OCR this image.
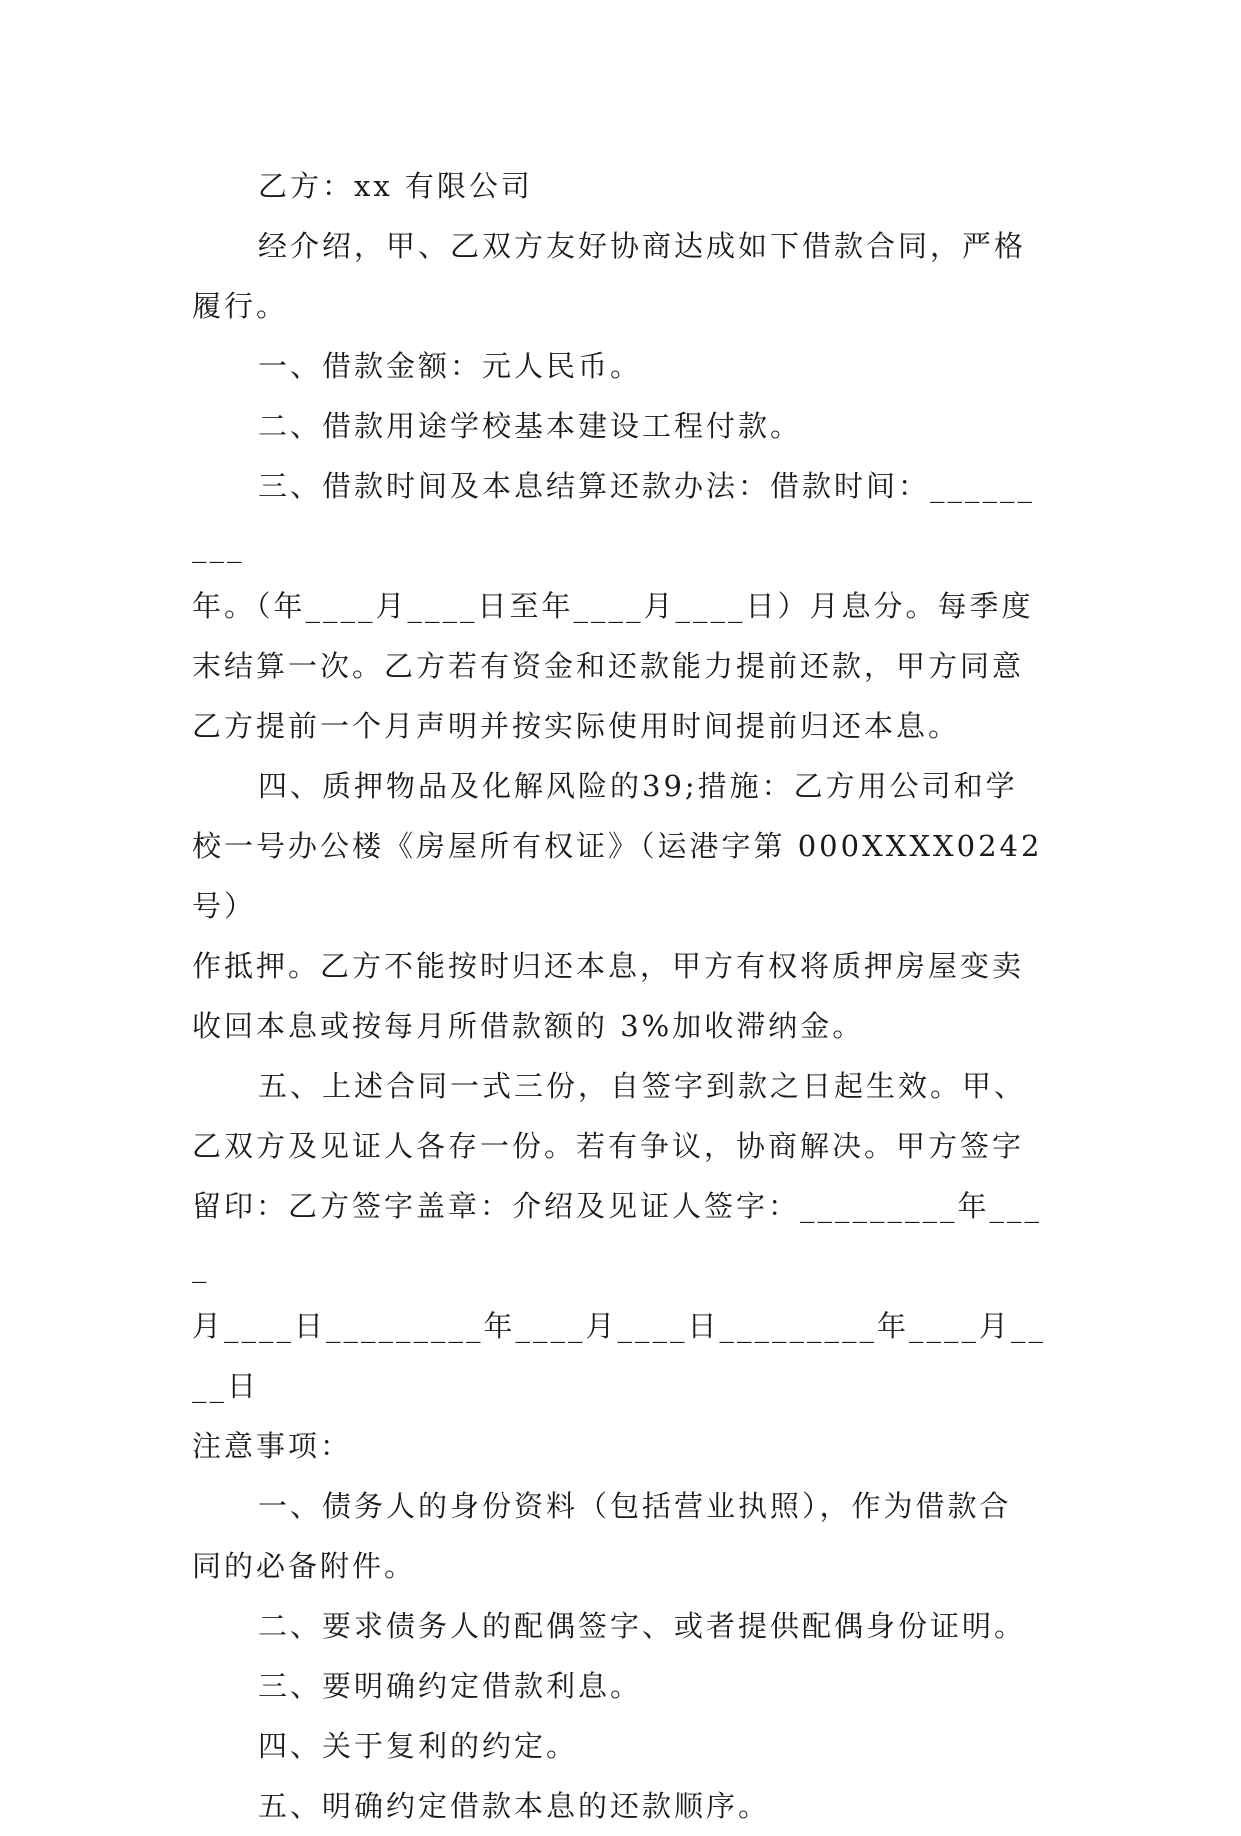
乙方：xx 有限公司
经介绍，甲、乙双方友好协商达成如下借款合同，严格
履行。
一、借款金额：元人民币。
二、借款用途学校基本建设工程付款。
三、借款时间及本息结算还款办法：借款时间：_________
年。（年____月____日至年____月____日）月息分。每季度
末结算一次。乙方若有资金和还款能力提前还款，甲方同意
乙方提前一个月声明并按实际使用时间提前归还本息。
四、质押物品及化解风险的39;措施：乙方用公司和学
校一号办公楼《房屋所有权证》（运港字第 000XXXX0242 号）
作抵押。乙方不能按时归还本息，甲方有权将质押房屋变卖
收回本息或按每月所借款额的 3%加收滞纳金。
五、上述合同一式三份，自签字到款之日起生效。甲、
乙双方及见证人各存一份。若有争议，协商解决。甲方签字
留印：乙方签字盖章：介绍及见证人签字：_________年____
月____日_________年____月____日_________年____月____日
注意事项：
一、债务人的身份资料（包括营业执照），作为借款合
同的必备附件。
二、要求债务人的配偶签字、或者提供配偶身份证明。
三、要明确约定借款利息。
四、关于复利的约定。
五、明确约定借款本息的还款顺序。
